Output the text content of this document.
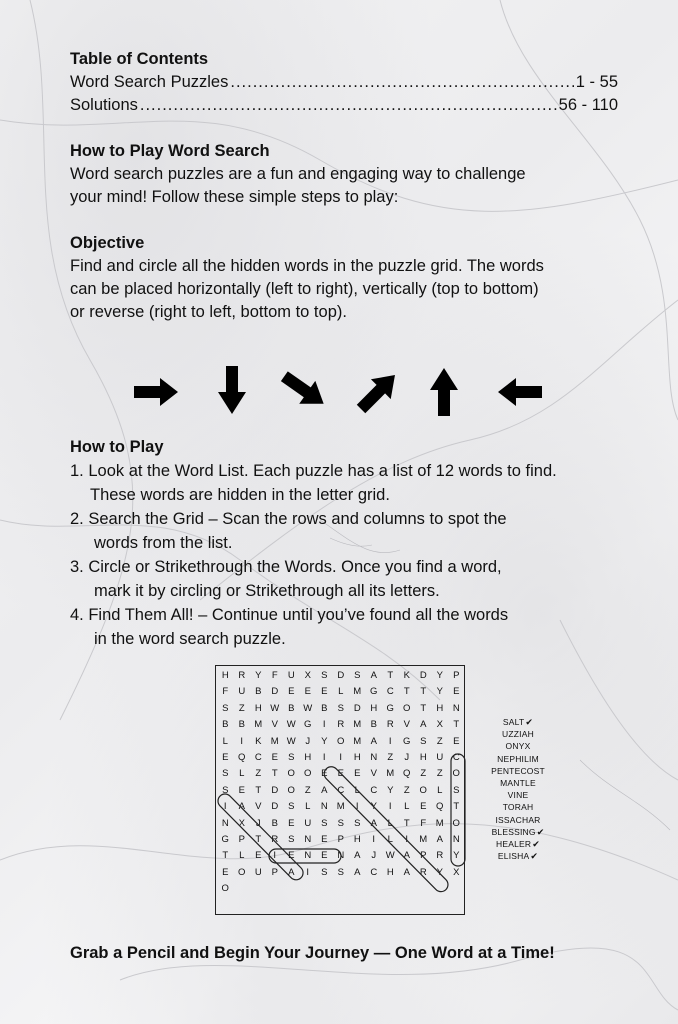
Table of Contents

Word Search Puzzles .....	1 - 55
Solutions .....	56 - 110

How to Play Word Search

Word search puzzles are a fun and engaging way to challenge

your mind! Follow these simple steps to play:

Objective

Find and circle all the hidden words in the puzzle grid. The words

can be placed horizontally (left to right), vertically (top to bottom)

or reverse (right to left, bottom to top).

How to Play

1. Look at the Word List. Each puzzle has a list of 12 words to find.

These words are hidden in the letter grid.

2. Search the Grid – Scan the rows and columns to spot the

words from the list.

3. Circle or Strikethrough the Words. Once you find a word,

mark it by circling or Strikethrough all its letters.

4. Find Them All! – Continue until you’ve found all the words

in the word search puzzle.

H	R	Y	F	U	X	S	D	S	A	T	K	D	Y	P
F	U	B	D	E	E	E	L	M G C	T	T	Y	E
S	Z	H W B W B	S	D	H G O	T	H	N
B	B M V W G	I	R M B	R	V	A	X	T
L	I	K M W	J	Y	O M A	I	G	S	Z	E
E	Q C	E	S	H	I	I	H	N	Z	J	H	U	C
S	L	Z	T	O O	E	E	E	V M Q	Z	Z	O
S	E	T	D O	Z	A	C	L	C	Y	Z	O	L	S
I	A	V	D	S	L	N M	I	Y	I	L	E	Q	T
N	X	J	B	E	U	S	S	S	A	L	T	F	M O
G	P	T	R	S	N	E	P	H	I	L	I	M A	N
T	L	E	I	E	N	E	N	A	J	W A	P	R	Y
E	O U	P	A	I	S	S	A	C	H	A	R	Y	X
O
SALT✔
UZZIAH
ONYX
NEPHILIM
PENTECOST
MANTLE
VINE
TORAH
ISSACHAR
BLESSING✔
HEALER✔
ELISHA✔
Grab a Pencil and Begin Your Journey — One Word at a Time!
